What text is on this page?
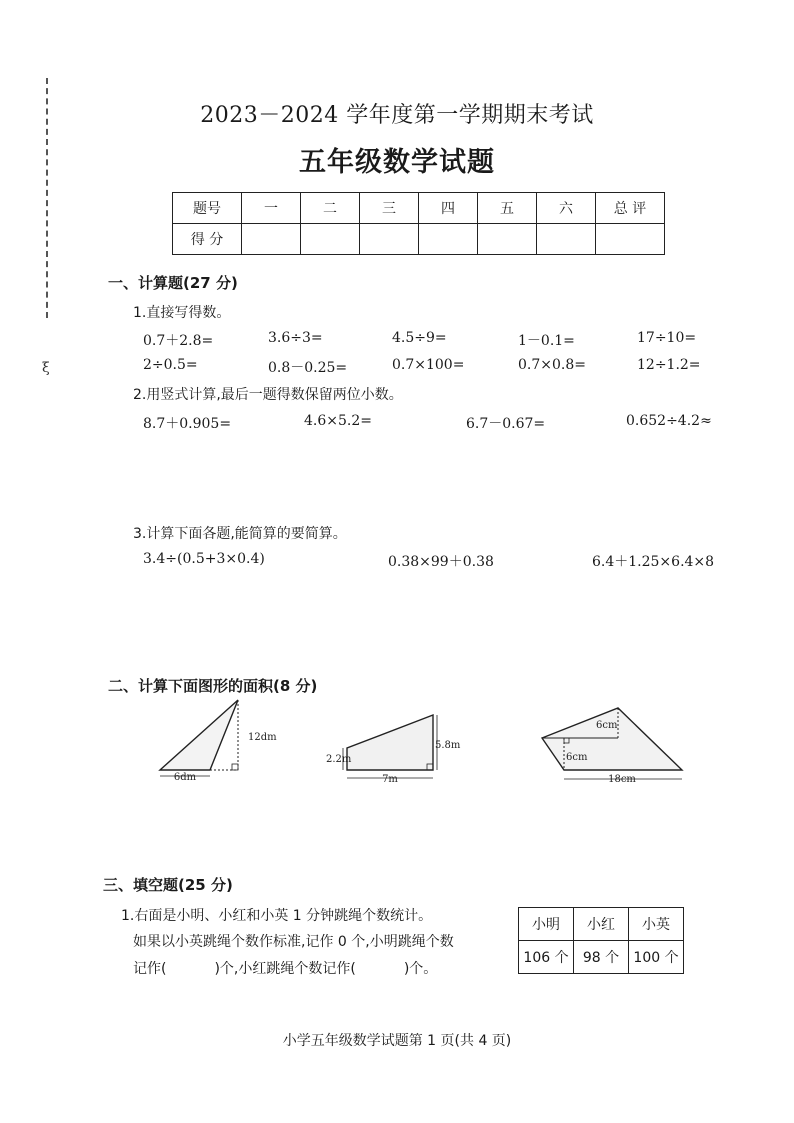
ξ
2023－2024 学年度第一学期期末考试
五年级数学试题
题号	一	二	三	四	五	六	总 评
得 分							
一、计算题(27 分)
1.直接写得数。
0.7＋2.8=	3.6÷3=	4.5÷9=	1－0.1=	17÷10=
2÷0.5=	0.8－0.25=	0.7×100=	0.7×0.8=	12÷1.2=
2.用竖式计算,最后一题得数保留两位小数。
8.7＋0.905=	4.6×5.2=	6.7－0.67=	0.652÷4.2≈
3.计算下面各题,能简算的要简算。
3.4÷(0.5+3×0.4)	0.38×99＋0.38	6.4＋1.25×6.4×8
二、计算下面图形的面积(8 分)
6dm
12dm
2.2m
5.8m
7m
6cm
6cm
18cm
三、填空题(25 分)
1.右面是小明、小红和小英 1 分钟跳绳个数统计。
如果以小英跳绳个数作标准,记作 0 个,小明跳绳个数
记作(	)个,小红跳绳个数记作(	)个。
小明	小红	小英
106 个	98 个	100 个
小学五年级数学试题第 1 页(共 4 页)
